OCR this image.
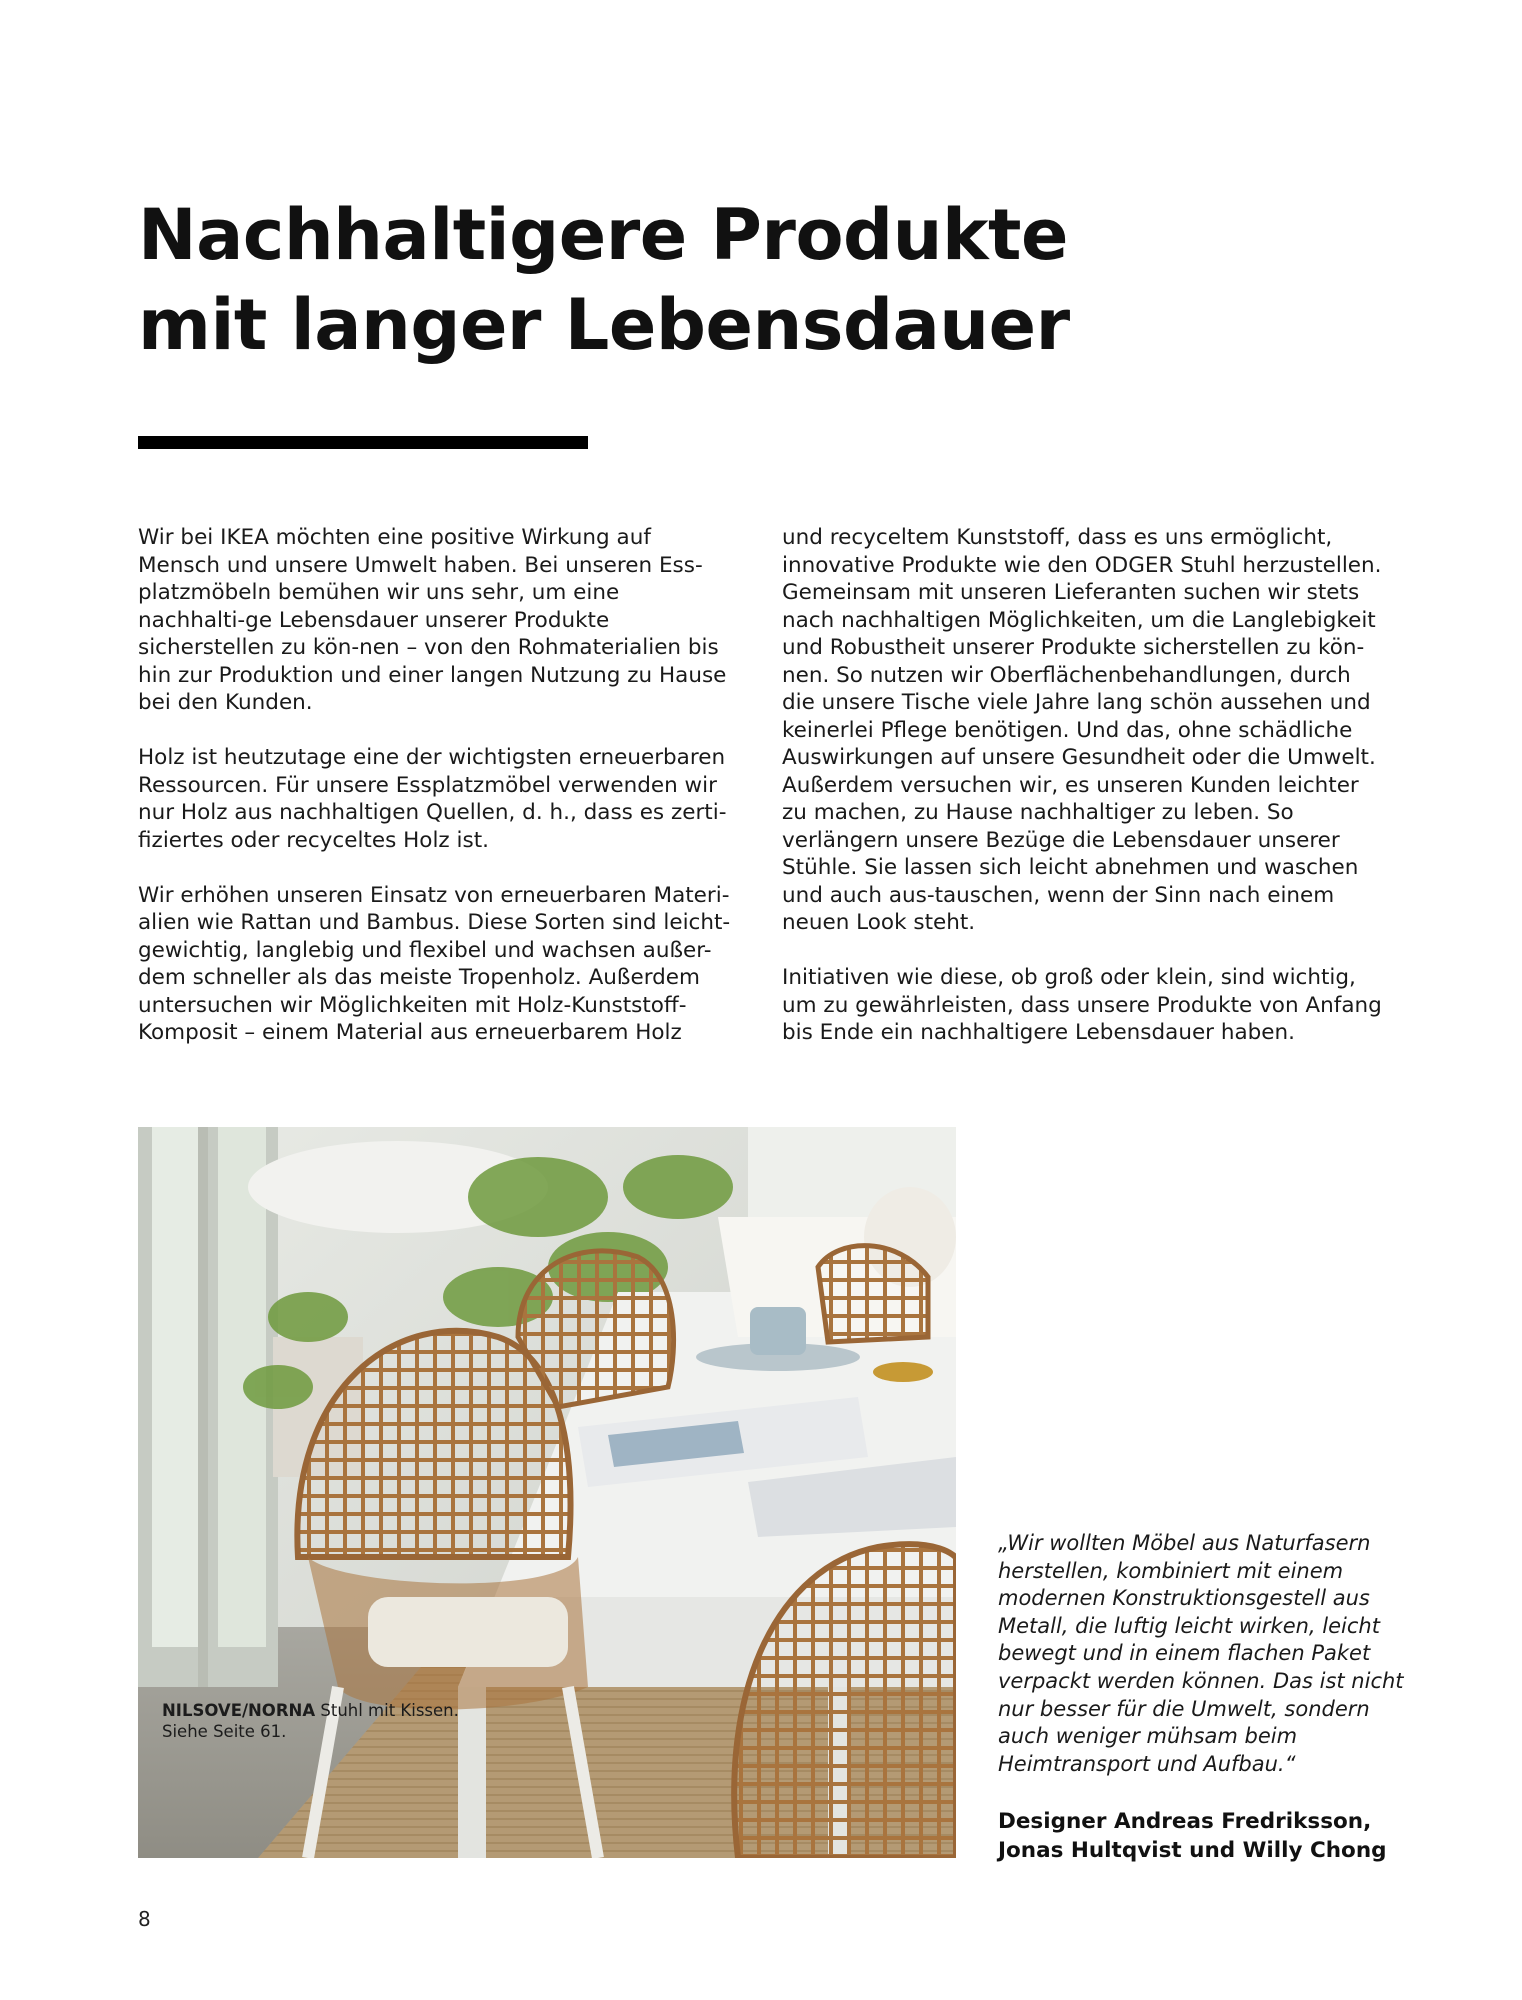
Nachhaltigere Produkte
mit langer Lebensdauer

Wir bei IKEA möchten eine positive Wirkung auf Mensch und unsere Umwelt haben. Bei unseren Ess-platzmöbeln bemühen wir uns sehr, um eine nachhalti-ge Lebensdauer unserer Produkte sicherstellen zu kön-nen – von den Rohmaterialien bis hin zur Produktion und einer langen Nutzung zu Hause bei den Kunden.

Holz ist heutzutage eine der wichtigsten erneuerbaren Ressourcen. Für unsere Essplatzmöbel verwenden wir nur Holz aus nachhaltigen Quellen, d. h., dass es zerti-fiziertes oder recyceltes Holz ist.

Wir erhöhen unseren Einsatz von erneuerbaren Materi-alien wie Rattan und Bambus. Diese Sorten sind leicht-gewichtig, langlebig und flexibel und wachsen außer-dem schneller als das meiste Tropenholz. Außerdem untersuchen wir Möglichkeiten mit Holz-Kunststoff-Komposit – einem Material aus erneuerbarem Holz

und recyceltem Kunststoff, dass es uns ermöglicht, innovative Produkte wie den ODGER Stuhl herzustellen. Gemeinsam mit unseren Lieferanten suchen wir stets nach nachhaltigen Möglichkeiten, um die Langlebigkeit und Robustheit unserer Produkte sicherstellen zu kön-nen. So nutzen wir Oberflächenbehandlungen, durch die unsere Tische viele Jahre lang schön aussehen und keinerlei Pflege benötigen. Und das, ohne schädliche Auswirkungen auf unsere Gesundheit oder die Umwelt. Außerdem versuchen wir, es unseren Kunden leichter zu machen, zu Hause nachhaltiger zu leben. So verlängern unsere Bezüge die Lebensdauer unserer Stühle. Sie lassen sich leicht abnehmen und waschen und auch aus-tauschen, wenn der Sinn nach einem neuen Look steht.

Initiativen wie diese, ob groß oder klein, sind wichtig, um zu gewährleisten, dass unsere Produkte von Anfang bis Ende ein nachhaltigere Lebensdauer haben.

NILSOVE/NORNA Stuhl mit Kissen.
Siehe Seite 61.

„Wir wollten Möbel aus Naturfasern herstellen, kombiniert mit einem modernen Konstruktionsgestell aus Metall, die luftig leicht wirken, leicht bewegt und in einem flachen Paket verpackt werden können. Das ist nicht nur besser für die Umwelt, sondern auch weniger mühsam beim Heimtransport und Aufbau.“

Designer Andreas Fredriksson,
Jonas Hultqvist und Willy Chong
8
